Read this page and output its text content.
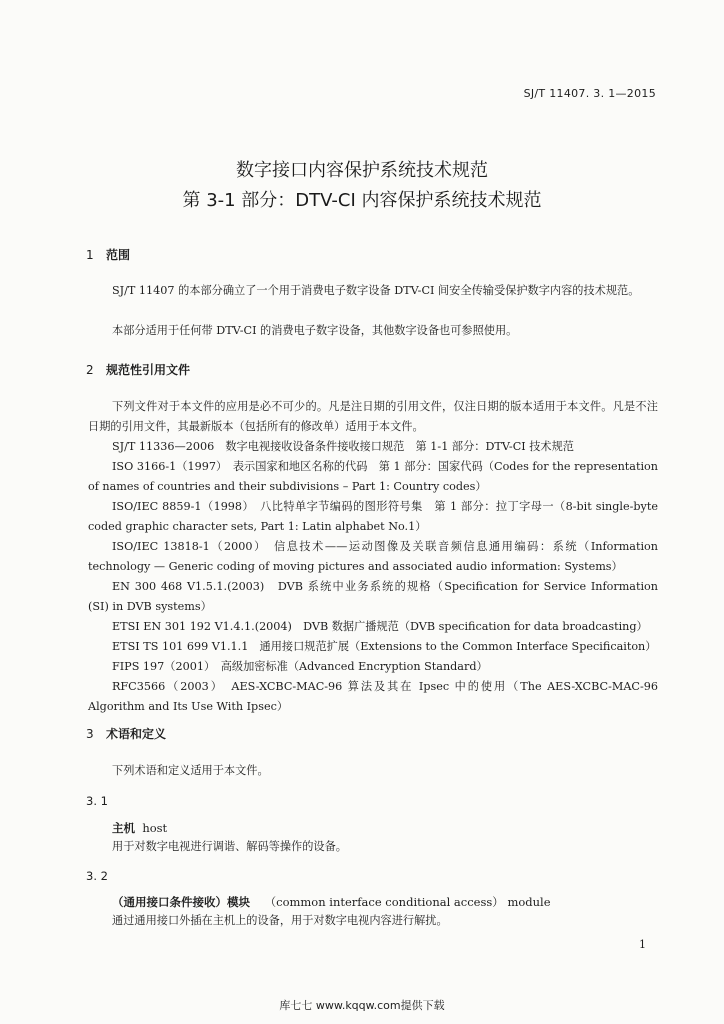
SJ/T 11407. 3. 1—2015
数字接口内容保护系统技术规范
第 3-1 部分：DTV-CI 内容保护系统技术规范
1 范围
SJ/T 11407 的本部分确立了一个用于消费电子数字设备 DTV-CI 间安全传输受保护数字内容的技术规范。
本部分适用于任何带 DTV-CI 的消费电子数字设备，其他数字设备也可参照使用。
2 规范性引用文件
下列文件对于本文件的应用是必不可少的。凡是注日期的引用文件，仅注日期的版本适用于本文件。凡是不注日期的引用文件，其最新版本（包括所有的修改单）适用于本文件。
SJ/T 11336—2006　数字电视接收设备条件接收接口规范　第 1-1 部分：DTV-CI 技术规范
ISO 3166-1（1997）　表示国家和地区名称的代码　第 1 部分：国家代码（Codes for the representation of names of countries and their subdivisions – Part 1: Country codes）
ISO/IEC 8859-1（1998）　八比特单字节编码的图形符号集　第 1 部分：拉丁字母一（8-bit single-byte coded graphic character sets, Part 1: Latin alphabet No.1）
ISO/IEC 13818-1（2000）　信息技术——运动图像及关联音频信息通用编码：系统（Information technology — Generic coding of moving pictures and associated audio information: Systems）
EN 300 468 V1.5.1.(2003)　DVB 系统中业务系统的规格（Specification for Service Information (SI) in DVB systems）
ETSI EN 301 192 V1.4.1.(2004)　DVB 数据广播规范（DVB specification for data broadcasting）
ETSI TS 101 699 V1.1.1　通用接口规范扩展（Extensions to the Common Interface Specificaiton）
FIPS 197（2001）　高级加密标准（Advanced Encryption Standard）
RFC3566（2003）　AES-XCBC-MAC-96 算法及其在 Ipsec 中的使用（The AES-XCBC-MAC-96 Algorithm and Its Use With Ipsec）
3 术语和定义
下列术语和定义适用于本文件。
3. 1
主机 host
用于对数字电视进行调谐、解码等操作的设备。
3. 2
（通用接口条件接收）模块 （common interface conditional access） module
通过通用接口外插在主机上的设备，用于对数字电视内容进行解扰。
1
库七七 www.kqqw.com提供下载
